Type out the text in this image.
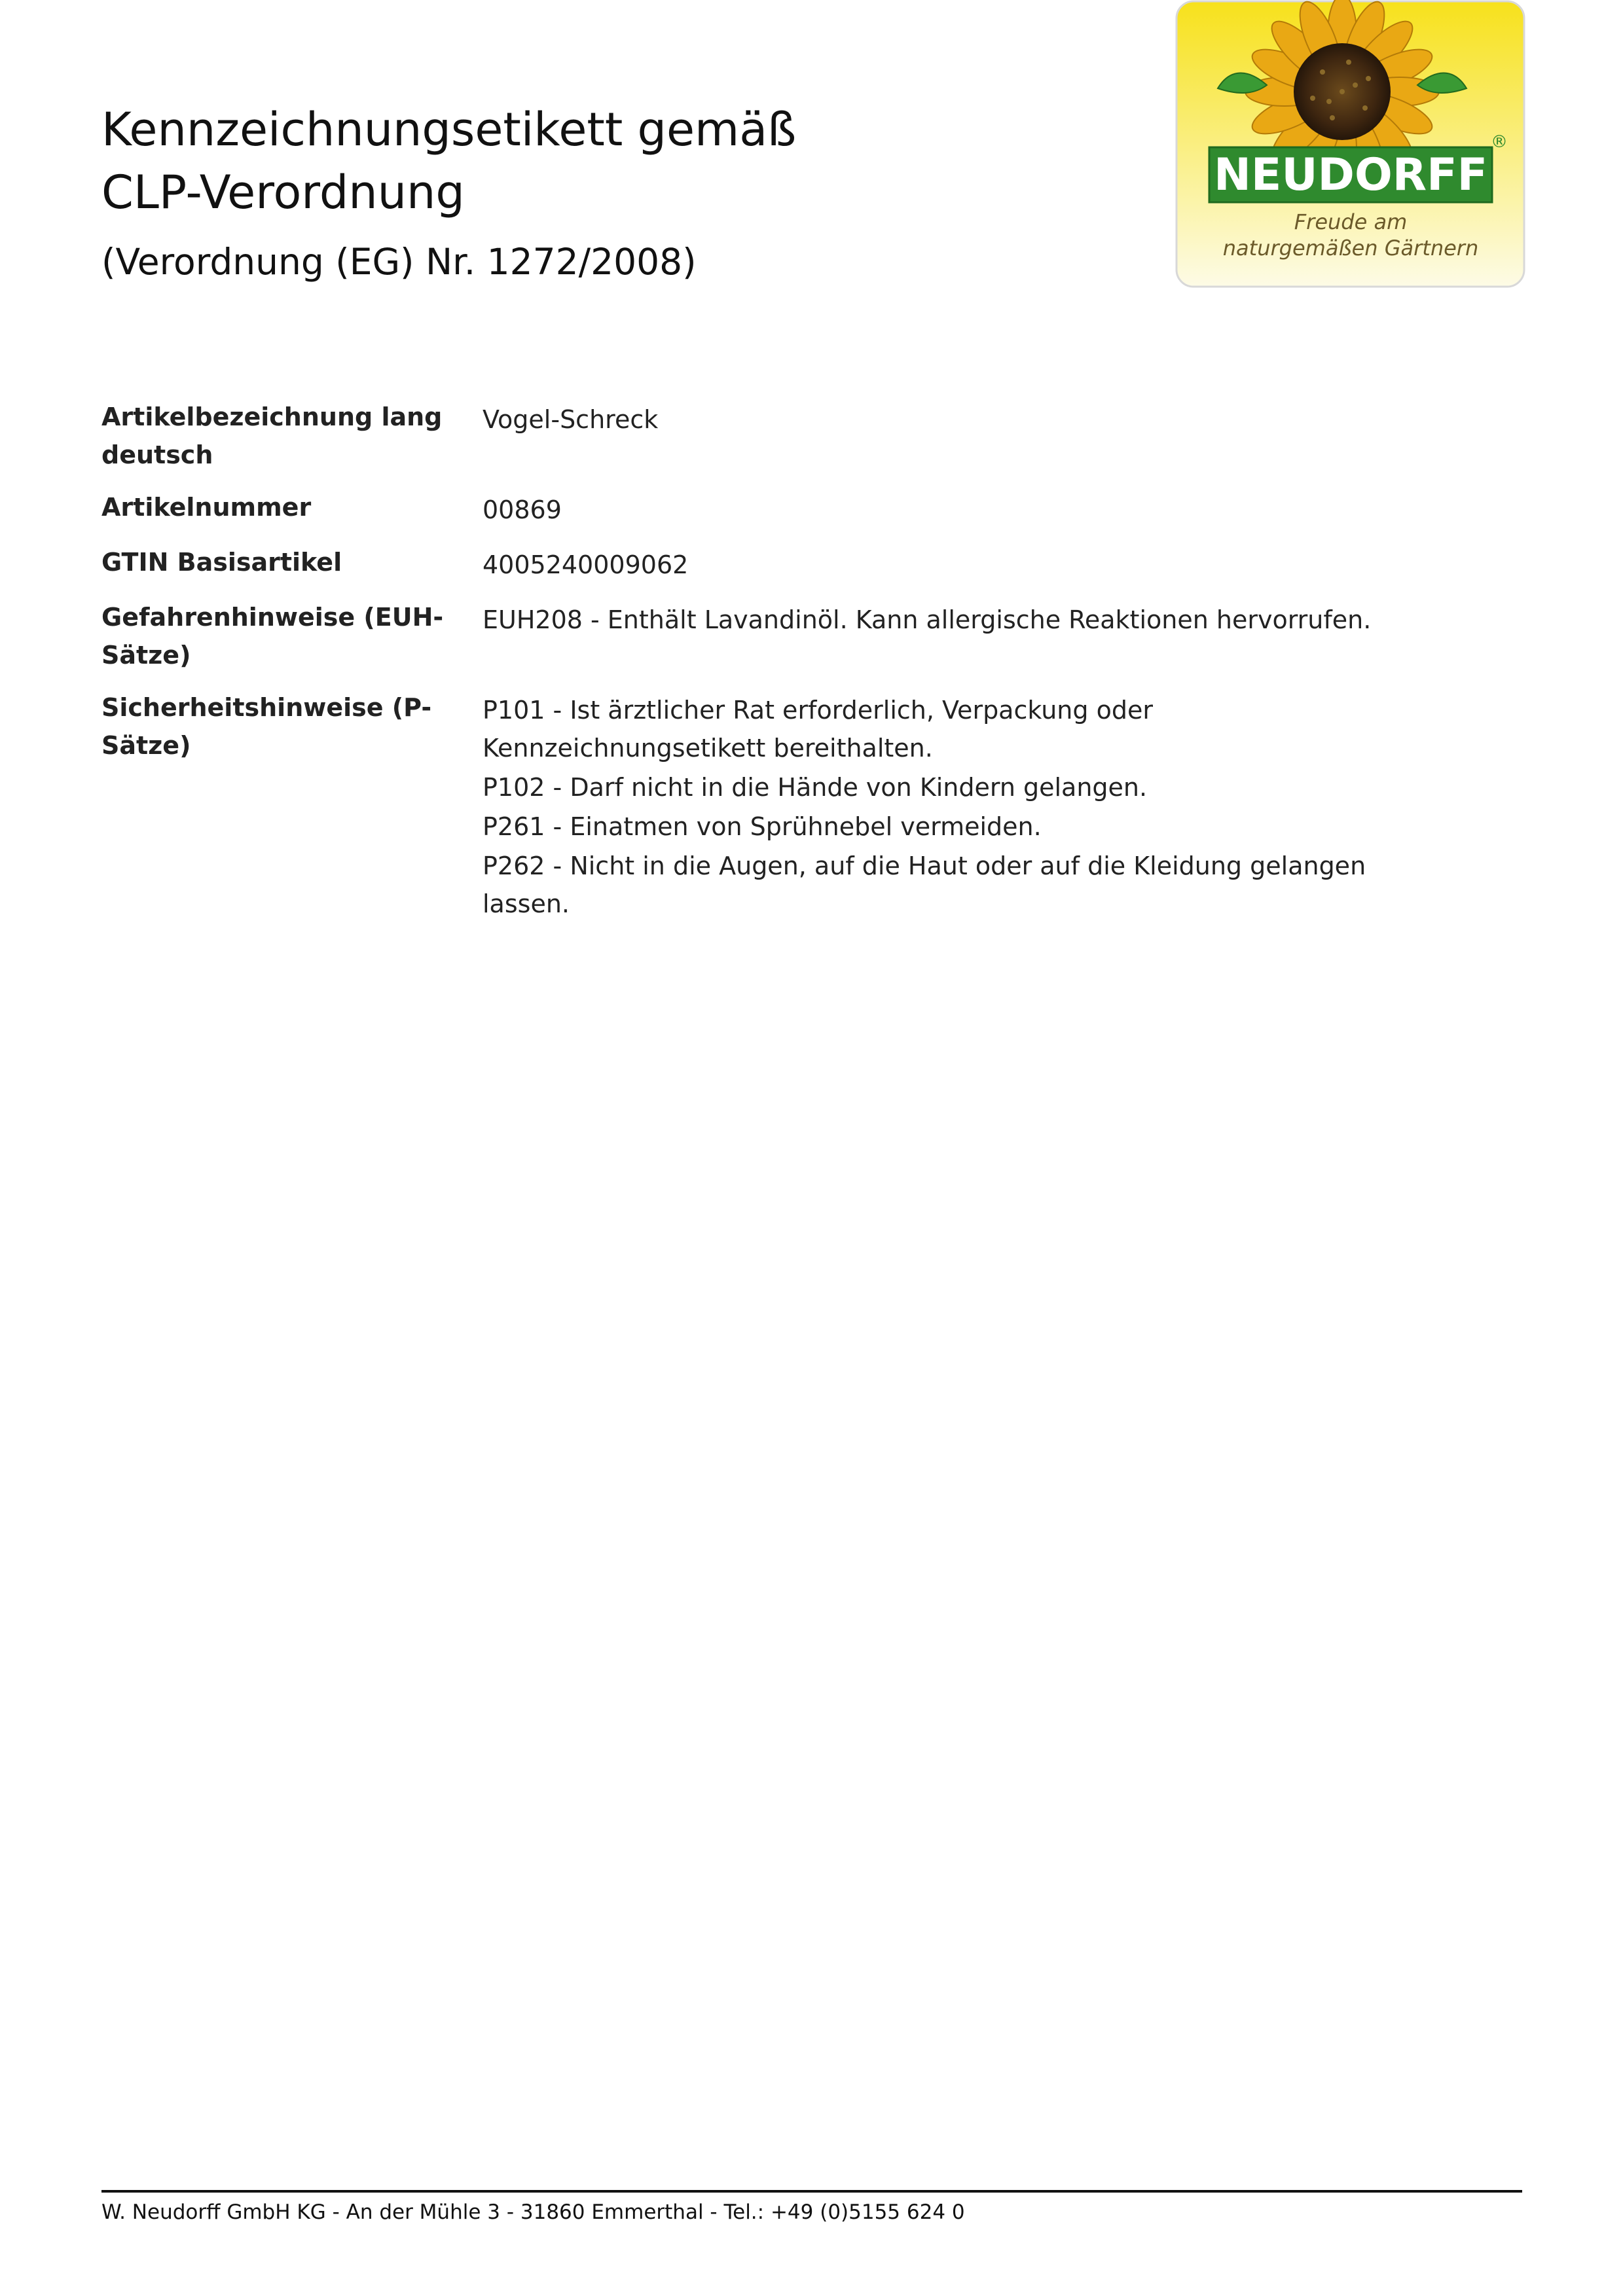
Kennzeichnungsetikett gemäß
CLP-Verordnung

(Verordnung (EG) Nr. 1272/2008)

NEUDORFF
®
Freude am
naturgemäßen Gärtnern
Artikelbezeichnung lang deutsch	Vogel-Schreck
Artikelnummer	00869
GTIN Basisartikel	4005240009062
Gefahrenhinweise (EUH-Sätze)	EUH208 - Enthält Lavandinöl. Kann allergische Reaktionen hervorrufen.
Sicherheitshinweise (P-Sätze)	P101 - Ist ärztlicher Rat erforderlich, Verpackung oder Kennzeichnungsetikett bereithalten.
P102 - Darf nicht in die Hände von Kindern gelangen.
P261 - Einatmen von Sprühnebel vermeiden.
P262 - Nicht in die Augen, auf die Haut oder auf die Kleidung gelangen lassen.
W. Neudorff GmbH KG - An der Mühle 3 - 31860 Emmerthal - Tel.: +49 (0)5155 624 0
